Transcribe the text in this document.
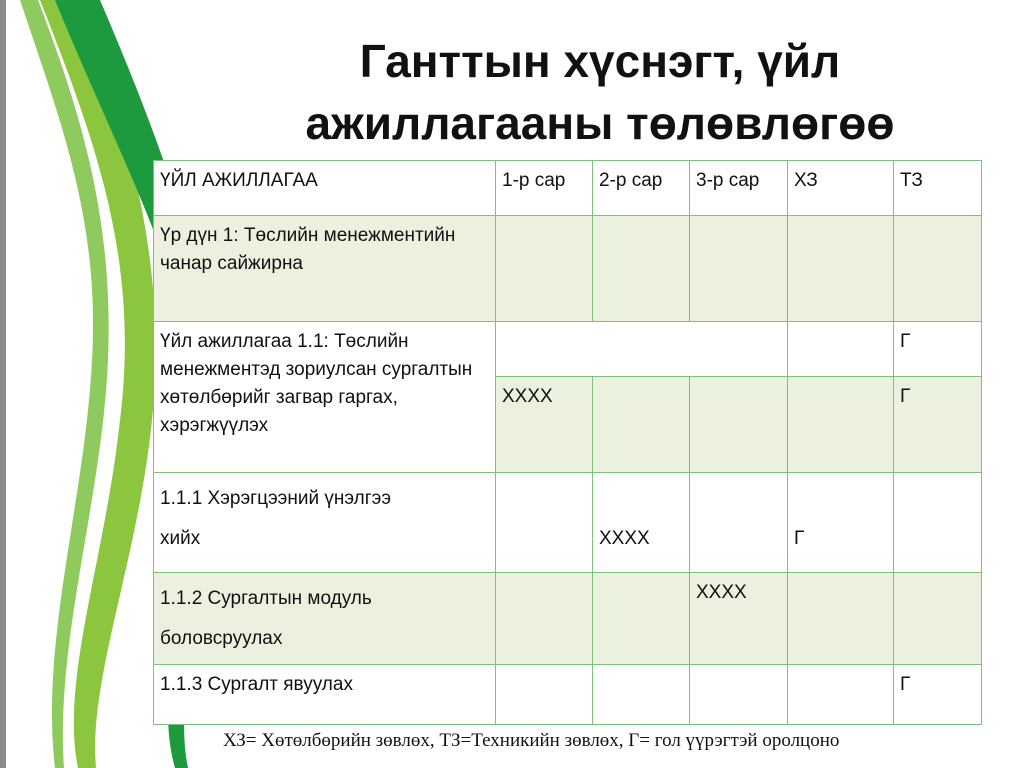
Ганттын хүснэгт, үйл ажиллагааны төлөвлөгөө
ҮЙЛ АЖИЛЛАГАА	1-р сар	2-р сар	3-р сар	ХЗ	ТЗ
Үр дүн 1: Төслийн менежментийн чанар сайжирна					
Үйл ажиллагаа 1.1: Төслийн менежментэд зориулсан сургалтын хөтөлбөрийг загвар гаргах, хэрэгжүүлэх					Г
	ХХХХ				Г
1.1.1 Хэрэгцээний үнэлгээ
хийх		ХХХХ		Г	
1.1.2 Сургалтын модуль
боловсруулах			ХХХХ		
1.1.3 Сургалт явуулах					Г
ХЗ= Хөтөлбөрийн зөвлөх, ТЗ=Техникийн зөвлөх, Г= гол үүрэгтэй оролцоно
